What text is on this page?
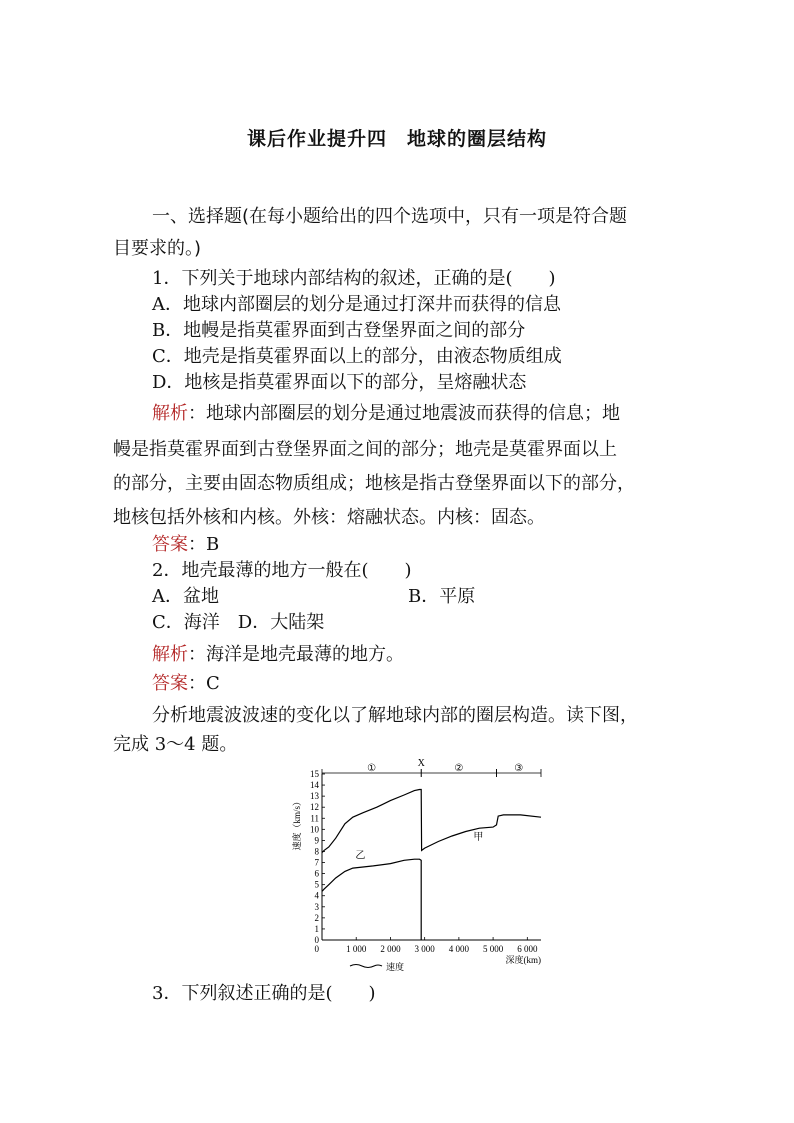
课后作业提升四　地球的圈层结构
一、选择题(在每小题给出的四个选项中，只有一项是符合题
目要求的。)
1．下列关于地球内部结构的叙述，正确的是(　　)
A．地球内部圈层的划分是通过打深井而获得的信息
B．地幔是指莫霍界面到古登堡界面之间的部分
C．地壳是指莫霍界面以上的部分，由液态物质组成
D．地核是指莫霍界面以下的部分，呈熔融状态
解析：地球内部圈层的划分是通过地震波而获得的信息；地
幔是指莫霍界面到古登堡界面之间的部分；地壳是莫霍界面以上
的部分，主要由固态物质组成；地核是指古登堡界面以下的部分，
地核包括外核和内核。外核：熔融状态。内核：固态。
答案：B
2．地壳最薄的地方一般在(　　)
A．盆地	B．平原
C．海洋　D．大陆架
解析：海洋是地壳最薄的地方。
答案：C
分析地震波波速的变化以了解地球内部的圈层构造。读下图，
完成 3～4 题。
0
1
2
3
4
5
6
7
8
9
10
11
12
13
14
15
1 000 2 000 3 000 4 000 5 000 6 000
0
速度（km/s）
深度(km)
①	②	③
X
甲
乙
速度
3．下列叙述正确的是(　　)
